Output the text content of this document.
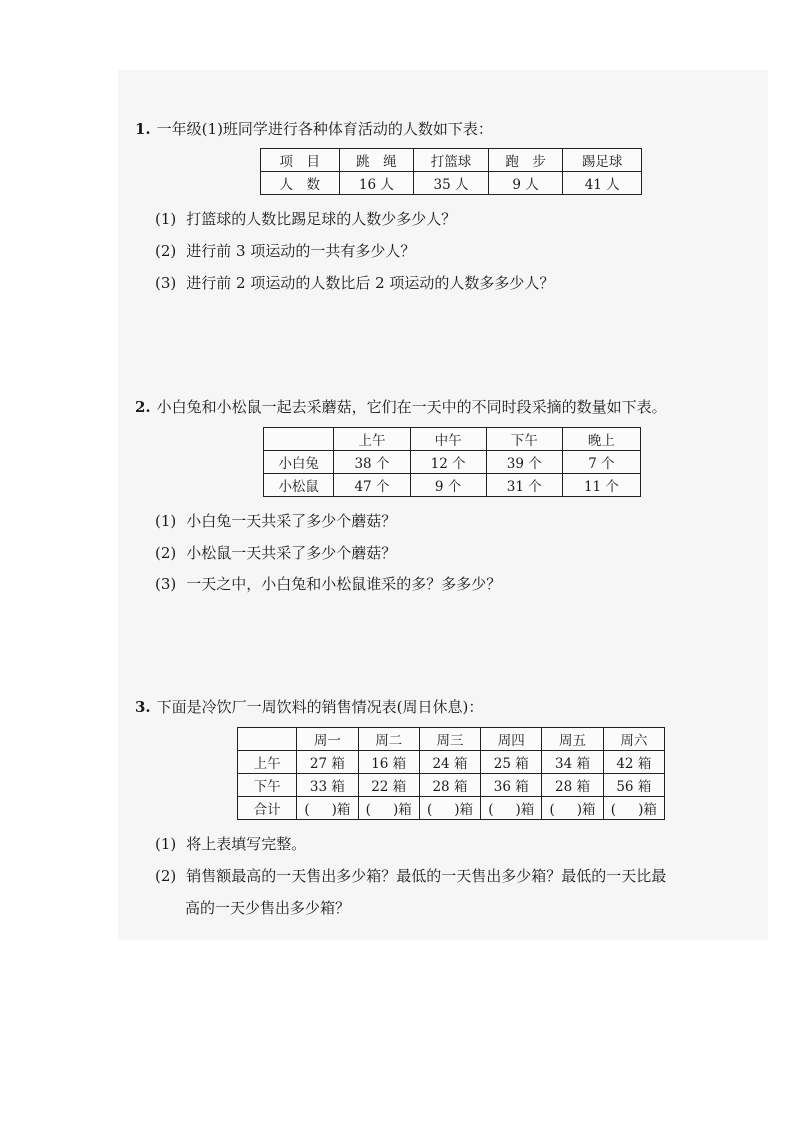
1. 一年级(1)班同学进行各种体育活动的人数如下表：
项　目	跳　绳	打篮球	跑　步	踢足球
人　数	16 人	35 人	9 人	41 人
(1) 打篮球的人数比踢足球的人数少多少人？
(2) 进行前 3 项运动的一共有多少人？
(3) 进行前 2 项运动的人数比后 2 项运动的人数多多少人？
2. 小白兔和小松鼠一起去采蘑菇，它们在一天中的不同时段采摘的数量如下表。
	上午	中午	下午	晚上
小白兔	38 个	12 个	39 个	7 个
小松鼠	47 个	9 个	31 个	11 个
(1) 小白兔一天共采了多少个蘑菇？
(2) 小松鼠一天共采了多少个蘑菇？
(3) 一天之中，小白兔和小松鼠谁采的多？多多少？
3. 下面是冷饮厂一周饮料的销售情况表(周日休息)：
	周一	周二	周三	周四	周五	周六
上午	27 箱	16 箱	24 箱	25 箱	34 箱	42 箱
下午	33 箱	22 箱	28 箱	36 箱	28 箱	56 箱
合计	( )箱	( )箱	( )箱	( )箱	( )箱	( )箱
(1) 将上表填写完整。
(2) 销售额最高的一天售出多少箱？最低的一天售出多少箱？最低的一天比最
高的一天少售出多少箱？
